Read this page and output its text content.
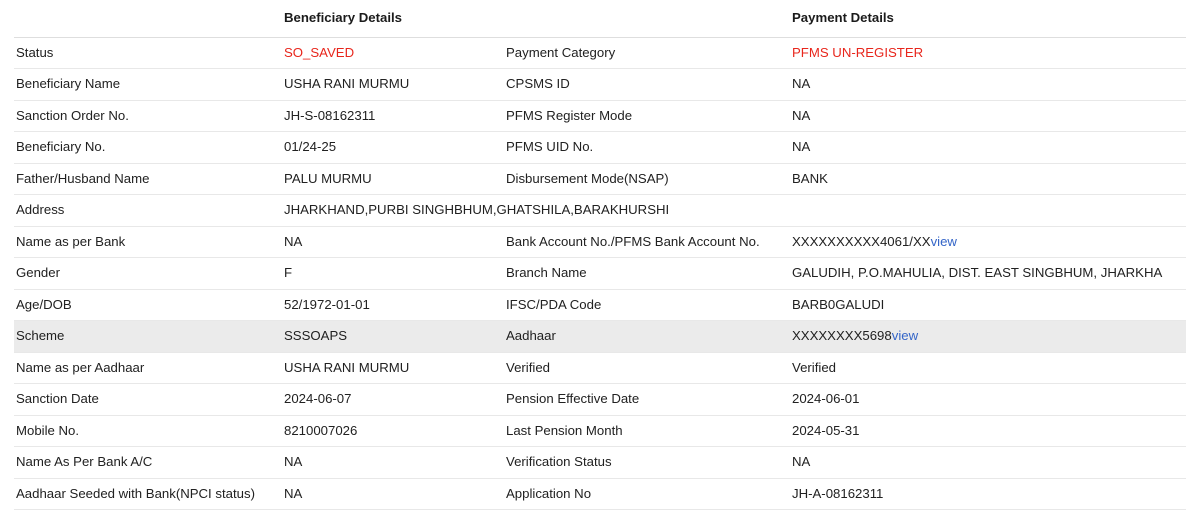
	Beneficiary Details		Payment Details
Status	SO_SAVED	Payment Category	PFMS UN-REGISTER
Beneficiary Name	USHA RANI MURMU	CPSMS ID	NA
Sanction Order No.	JH-S-08162311	PFMS Register Mode	NA
Beneficiary No.	01/24-25	PFMS UID No.	NA
Father/Husband Name	PALU MURMU	Disbursement Mode(NSAP)	BANK
Address	JHARKHAND,PURBI SINGHBHUM,GHATSHILA,BARAKHURSHI		
Name as per Bank	NA	Bank Account No./PFMS Bank Account No.	XXXXXXXXXX4061/XXview
Gender	F	Branch Name	GALUDIH, P.O.MAHULIA, DIST. EAST SINGBHUM, JHARKHA
Age/DOB	52/1972-01-01	IFSC/PDA Code	BARB0GALUDI
Scheme	SSSOAPS	Aadhaar	XXXXXXXX5698view
Name as per Aadhaar	USHA RANI MURMU	Verified	Verified
Sanction Date	2024-06-07	Pension Effective Date	2024-06-01
Mobile No.	8210007026	Last Pension Month	2024-05-31
Name As Per Bank A/C	NA	Verification Status	NA
Aadhaar Seeded with Bank(NPCI status)	NA	Application No	JH-A-08162311
